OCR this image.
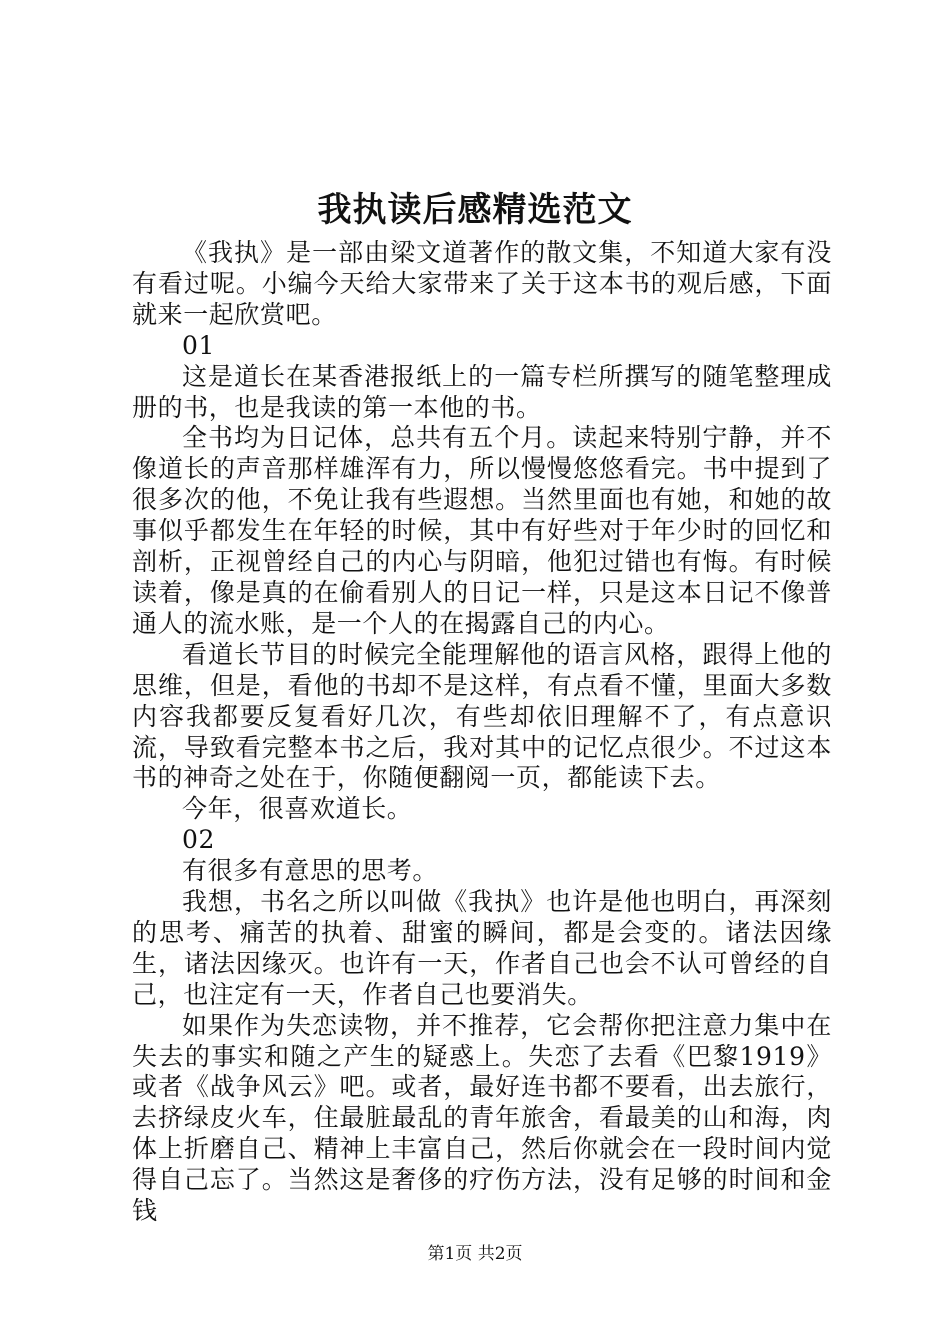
我执读后感精选范文

《我执》是一部由梁文道著作的散文集，不知道大家有没有看过呢。小编今天给大家带来了关于这本书的观后感，下面就来一起欣赏吧。

01

这是道长在某香港报纸上的一篇专栏所撰写的随笔整理成册的书，也是我读的第一本他的书。

全书均为日记体，总共有五个月。读起来特别宁静，并不像道长的声音那样雄浑有力，所以慢慢悠悠看完。书中提到了很多次的他，不免让我有些遐想。当然里面也有她，和她的故事似乎都发生在年轻的时候，其中有好些对于年少时的回忆和剖析，正视曾经自己的内心与阴暗，他犯过错也有悔。有时候读着，像是真的在偷看别人的日记一样，只是这本日记不像普通人的流水账，是一个人的在揭露自己的内心。

看道长节目的时候完全能理解他的语言风格，跟得上他的思维，但是，看他的书却不是这样，有点看不懂，里面大多数内容我都要反复看好几次，有些却依旧理解不了，有点意识流，导致看完整本书之后，我对其中的记忆点很少。不过这本书的神奇之处在于，你随便翻阅一页，都能读下去。

今年，很喜欢道长。

02

有很多有意思的思考。

我想，书名之所以叫做《我执》也许是他也明白，再深刻的思考、痛苦的执着、甜蜜的瞬间，都是会变的。诸法因缘生，诸法因缘灭。也许有一天，作者自己也会不认可曾经的自己，也注定有一天，作者自己也要消失。

如果作为失恋读物，并不推荐，它会帮你把注意力集中在失去的事实和随之产生的疑惑上。失恋了去看《巴黎1919》或者《战争风云》吧。或者，最好连书都不要看，出去旅行，去挤绿皮火车，住最脏最乱的青年旅舍，看最美的山和海，肉体上折磨自己、精神上丰富自己，然后你就会在一段时间内觉得自己忘了。当然这是奢侈的疗伤方法，没有足够的时间和金钱

第1页 共2页
